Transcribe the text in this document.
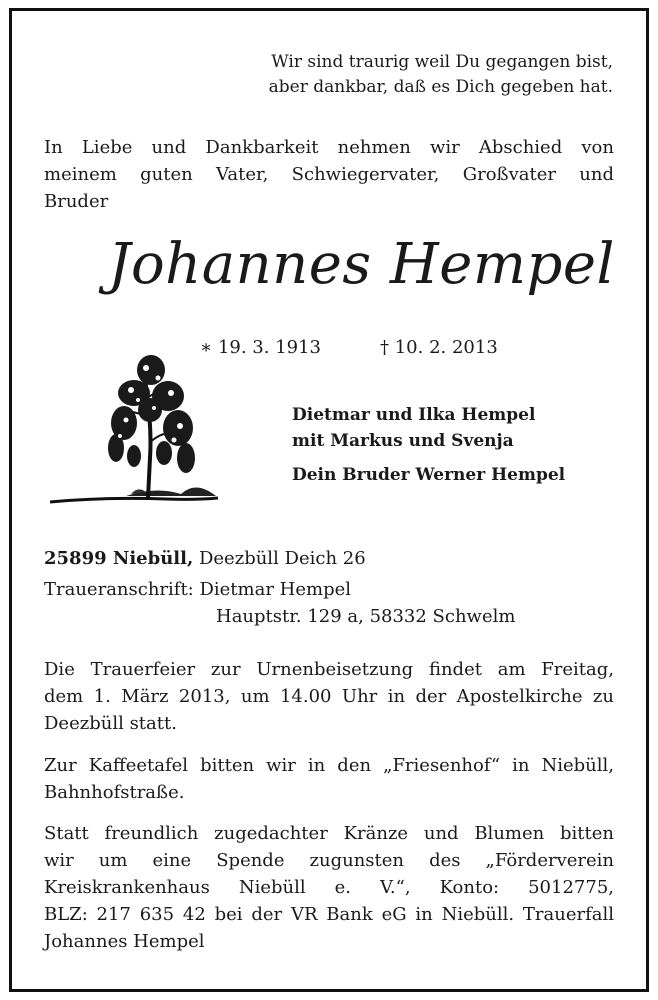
Wir sind traurig weil Du gegangen bist,

aber dankbar, daß es Dich gegeben hat.

In Liebe und Dankbarkeit nehmen wir Abschied von

meinem guten Vater, Schwiegervater, Großvater und

Bruder

Johannes Hempel

∗ 19. 3. 1913	† 10. 2. 2013

Dietmar und Ilka Hempel

mit Markus und Svenja

Dein Bruder Werner Hempel

25899 Niebüll, Deezbüll Deich 26

Traueranschrift: Dietmar Hempel

Hauptstr. 129 a, 58332 Schwelm

Die Trauerfeier zur Urnenbeisetzung findet am Freitag,

dem 1. März 2013, um 14.00 Uhr in der Apostelkirche zu

Deezbüll statt.

Zur Kaffeetafel bitten wir in den „Friesenhof“ in Niebüll,

Bahnhofstraße.

Statt freundlich zugedachter Kränze und Blumen bitten

wir um eine Spende zugunsten des „Förderverein

Kreiskrankenhaus Niebüll e. V.“, Konto: 5012775,

BLZ: 217 635 42 bei der VR Bank eG in Niebüll. Trauerfall

Johannes Hempel
